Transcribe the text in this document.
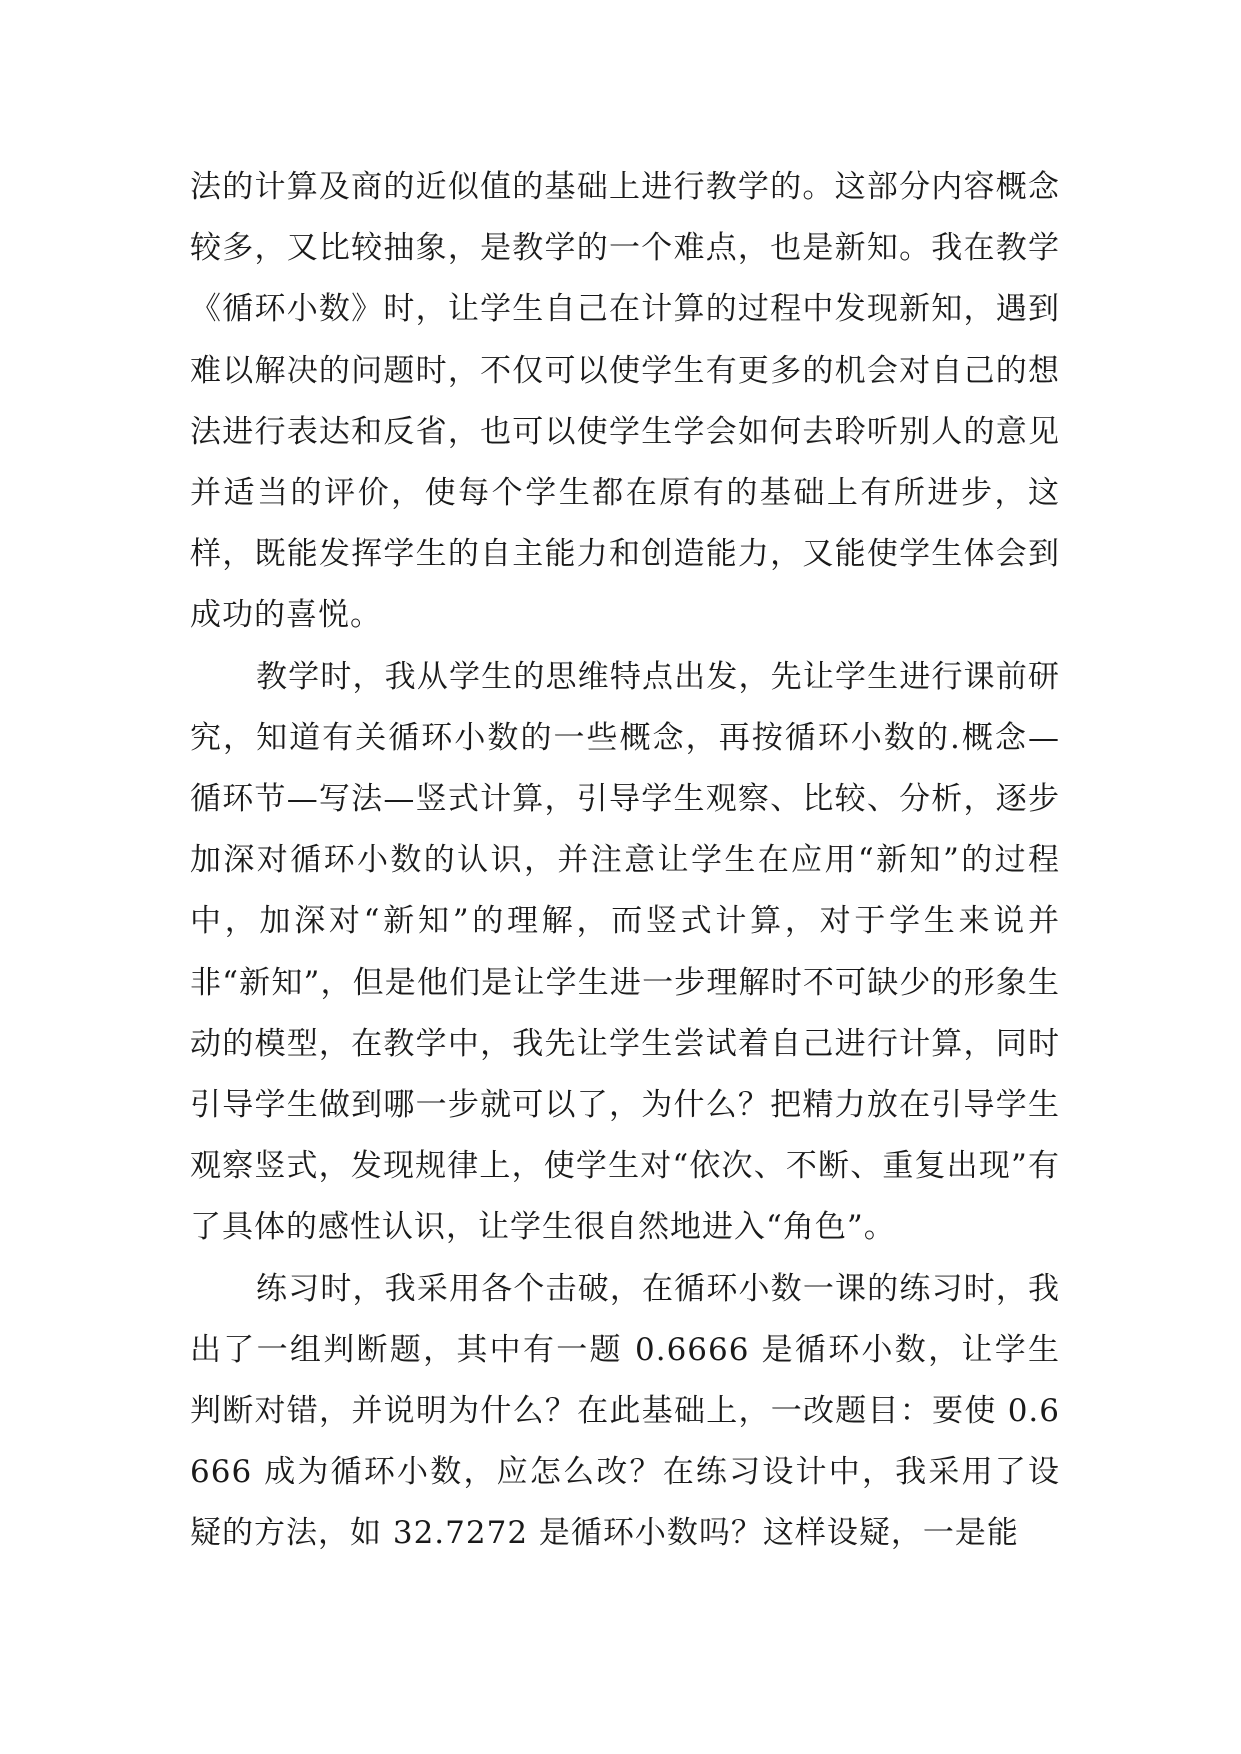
法的计算及商的近似值的基础上进行教学的。这部分内容概念较多，又比较抽象，是教学的一个难点，也是新知。我在教学《循环小数》时，让学生自己在计算的过程中发现新知，遇到难以解决的问题时，不仅可以使学生有更多的机会对自己的想法进行表达和反省，也可以使学生学会如何去聆听别人的意见并适当的评价，使每个学生都在原有的基础上有所进步，这样，既能发挥学生的自主能力和创造能力，又能使学生体会到成功的喜悦。

教学时，我从学生的思维特点出发，先让学生进行课前研究，知道有关循环小数的一些概念，再按循环小数的.概念—循环节—写法—竖式计算，引导学生观察、比较、分析，逐步加深对循环小数的认识，并注意让学生在应用“新知”的过程中，加深对“新知”的理解，而竖式计算，对于学生来说并非“新知”，但是他们是让学生进一步理解时不可缺少的形象生动的模型，在教学中，我先让学生尝试着自己进行计算，同时引导学生做到哪一步就可以了，为什么？把精力放在引导学生观察竖式，发现规律上，使学生对“依次、不断、重复出现”有了具体的感性认识，让学生很自然地进入“角色”。

练习时，我采用各个击破，在循环小数一课的练习时，我出了一组判断题，其中有一题 0.6666 是循环小数，让学生判断对错，并说明为什么？在此基础上，一改题目：要使 0.6666 成为循环小数，应怎么改？在练习设计中，我采用了设疑的方法，如 32.7272 是循环小数吗？这样设疑，一是能
